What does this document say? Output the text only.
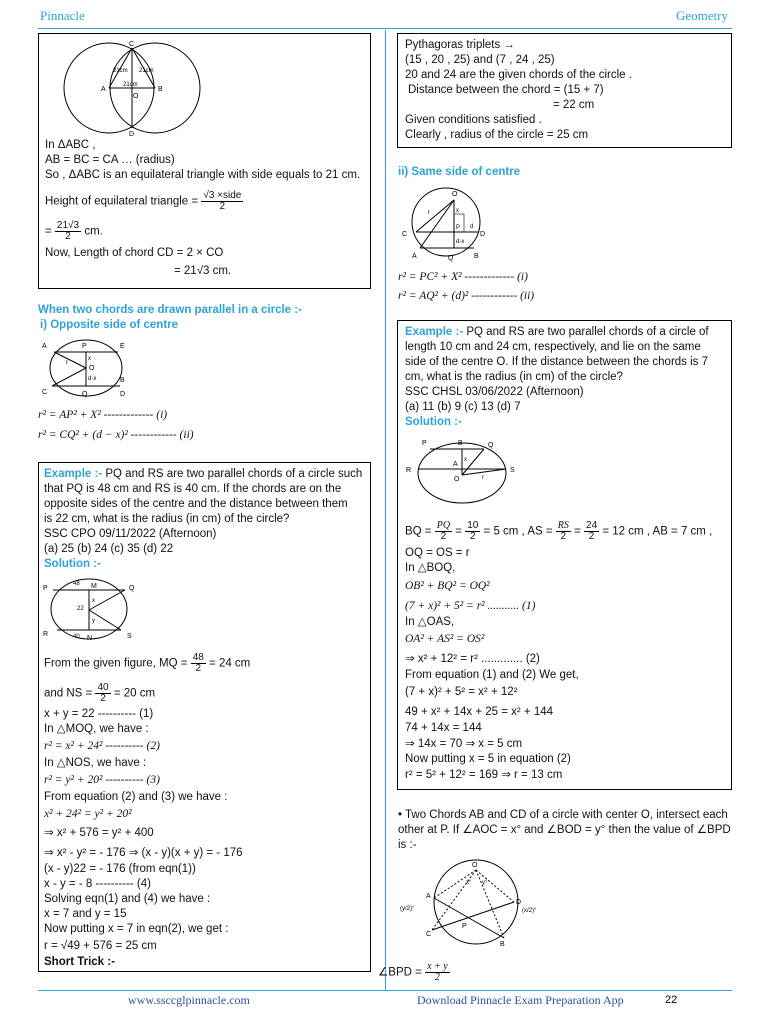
Pinnacle	Geometry
C
A	B
D
O
21cm 21cm
21cm
In ΔABC ,
AB = BC = CA … (radius)
So , ΔABC is an equilateral triangle with side equals to 21 cm.
Height of equilateral triangle = $\frac{\text{√3 ×side}}{2}$
= $\frac{21√3}{2}$ cm.
Now, Length of chord CD = 2 × CO
= 21√3 cm.
When two chords are drawn parallel in a circle :-
i) Opposite side of centre
A	P	E
B
O
C	Q	D
r
x
d-x
r² = AP² + X² ------------- (i)
r² = CQ² + (d − x)² ------------ (ii)
Example :- PQ and RS are two parallel chords of a circle such
that PQ is 48 cm and RS is 40 cm. If the chords are on the
opposite sides of the centre and the distance between them
is 22 cm, what is the radius (in cm) of the circle?
SSC CPO 09/11/2022 (Afternoon)
(a) 25 (b) 24 (c) 35 (d) 22
Solution :-
P	Q
R	S
M
N
48
40
22
x
y
From the given figure, MQ = $\frac{48}{2} = 24$ cm
and NS = $\frac{40}{2} = 20$ cm
x + y = 22 ---------- (1)
In △MOQ, we have :
r² = x² + 24² ---------- (2)
In △NOS, we have :
r² = y² + 20² ---------- (3)
From equation (2) and (3) we have :
x² + 24² = y² + 20²
⇒ x² + 576 = y² + 400
⇒ x² - y² = - 176 ⇒ (x - y)(x + y) = - 176
(x - y)22 = - 176 (from eqn(1))
x - y = - 8 ---------- (4)
Solving eqn(1) and (4) we have :
x = 7 and y = 15
Now putting x = 7 in eqn(2), we get :
r = √49 + 576 = 25 cm
Short Trick :-
Pythagoras triplets →
(15 , 20 , 25) and (7 , 24 , 25)
20 and 24 are the given chords of the circle .
Distance between the chord = (15 + 7)
= 22 cm
Given conditions satisfied .
Clearly , radius of the circle = 25 cm
ii) Same side of centre
O
C	D
A	Q	B
P
r	x
d
d-x
r² = PC² + X² ------------- (i)
r² = AQ² + (d)² ------------ (ii)
Example :- PQ and RS are two parallel chords of a circle of
length 10 cm and 24 cm, respectively, and lie on the same
side of the centre O. If the distance between the chords is 7
cm, what is the radius (in cm) of the circle?
SSC CHSL 03/06/2022 (Afternoon)
(a) 11 (b) 9 (c) 13 (d) 7
Solution :-
P	B	Q
R
A
S
O
x
r
BQ = $\frac{PQ}{2} = \frac{10}{2} = 5$ cm , AS = $\frac{RS}{2} = \frac{24}{2} = 12$ cm , AB = 7 cm ,
OQ = OS = r
In △BOQ,
OB² + BQ² = OQ²
(7 + x)² + 5² = r² ........... (1)
In △OAS,
OA² + AS² = OS²
⇒ x² + 12² = r² ............. (2)
From equation (1) and (2) We get,
(7 + x)² + 5² = x² + 12²
49 + x² + 14x + 25 = x² + 144
74 + 14x = 144
⇒ 14x = 70 ⇒ x = 5 cm
Now putting x = 5 in equation (2)
r² = 5² + 12² = 169 ⇒ r = 13 cm
• Two Chords AB and CD of a circle with center O, intersect each
other at P. If ∠AOC = x° and ∠BOD = y° then the value of ∠BPD
is :-
O
A
D
C
B
P
x° y°
(y/2)°	(x/2)°
∠BPD = $\frac{x + y}{2}$
www.ssccglpinnacle.com	Download Pinnacle Exam Preparation App	22
